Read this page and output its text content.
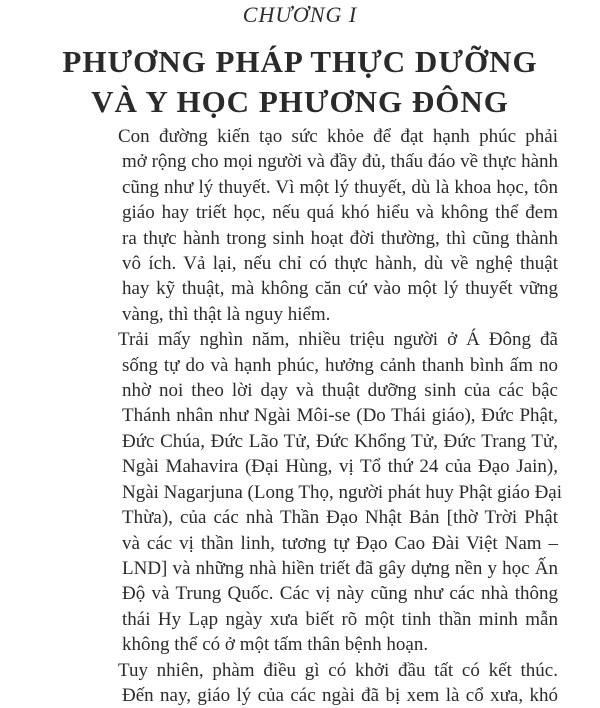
CHƯƠNG I
PHƯƠNG PHÁP THỰC DƯỠNG
VÀ Y HỌC PHƯƠNG ĐÔNG
Con đường kiến tạo sức khỏe để đạt hạnh phúc phải
mở rộng cho mọi người và đầy đủ, thấu đáo về thực hành
cũng như lý thuyết. Vì một lý thuyết, dù là khoa học, tôn
giáo hay triết học, nếu quá khó hiểu và không thể đem
ra thực hành trong sinh hoạt đời thường, thì cũng thành
vô ích. Vả lại, nếu chỉ có thực hành, dù về nghệ thuật
hay kỹ thuật, mà không căn cứ vào một lý thuyết vững
vàng, thì thật là nguy hiểm.
Trải mấy nghìn năm, nhiều triệu người ở Á Đông đã
sống tự do và hạnh phúc, hưởng cảnh thanh bình ấm no
nhờ noi theo lời dạy và thuật dưỡng sinh của các bậc
Thánh nhân như Ngài Môi-se (Do Thái giáo), Đức Phật,
Đức Chúa, Đức Lão Tử, Đức Khổng Tử, Đức Trang Tử,
Ngài Mahavira (Đại Hùng, vị Tổ thứ 24 của Đạo Jain),
Ngài Nagarjuna (Long Thọ, người phát huy Phật giáo Đại
Thừa), của các nhà Thần Đạo Nhật Bản [thờ Trời Phật
và các vị thần linh, tương tự Đạo Cao Đài Việt Nam –
LND] và những nhà hiền triết đã gây dựng nền y học Ấn
Độ và Trung Quốc. Các vị này cũng như các nhà thông
thái Hy Lạp ngày xưa biết rõ một tinh thần minh mẫn
không thể có ở một tấm thân bệnh hoạn.
Tuy nhiên, phàm điều gì có khởi đầu tất có kết thúc.
Đến nay, giáo lý của các ngài đã bị xem là cổ xưa, khó
